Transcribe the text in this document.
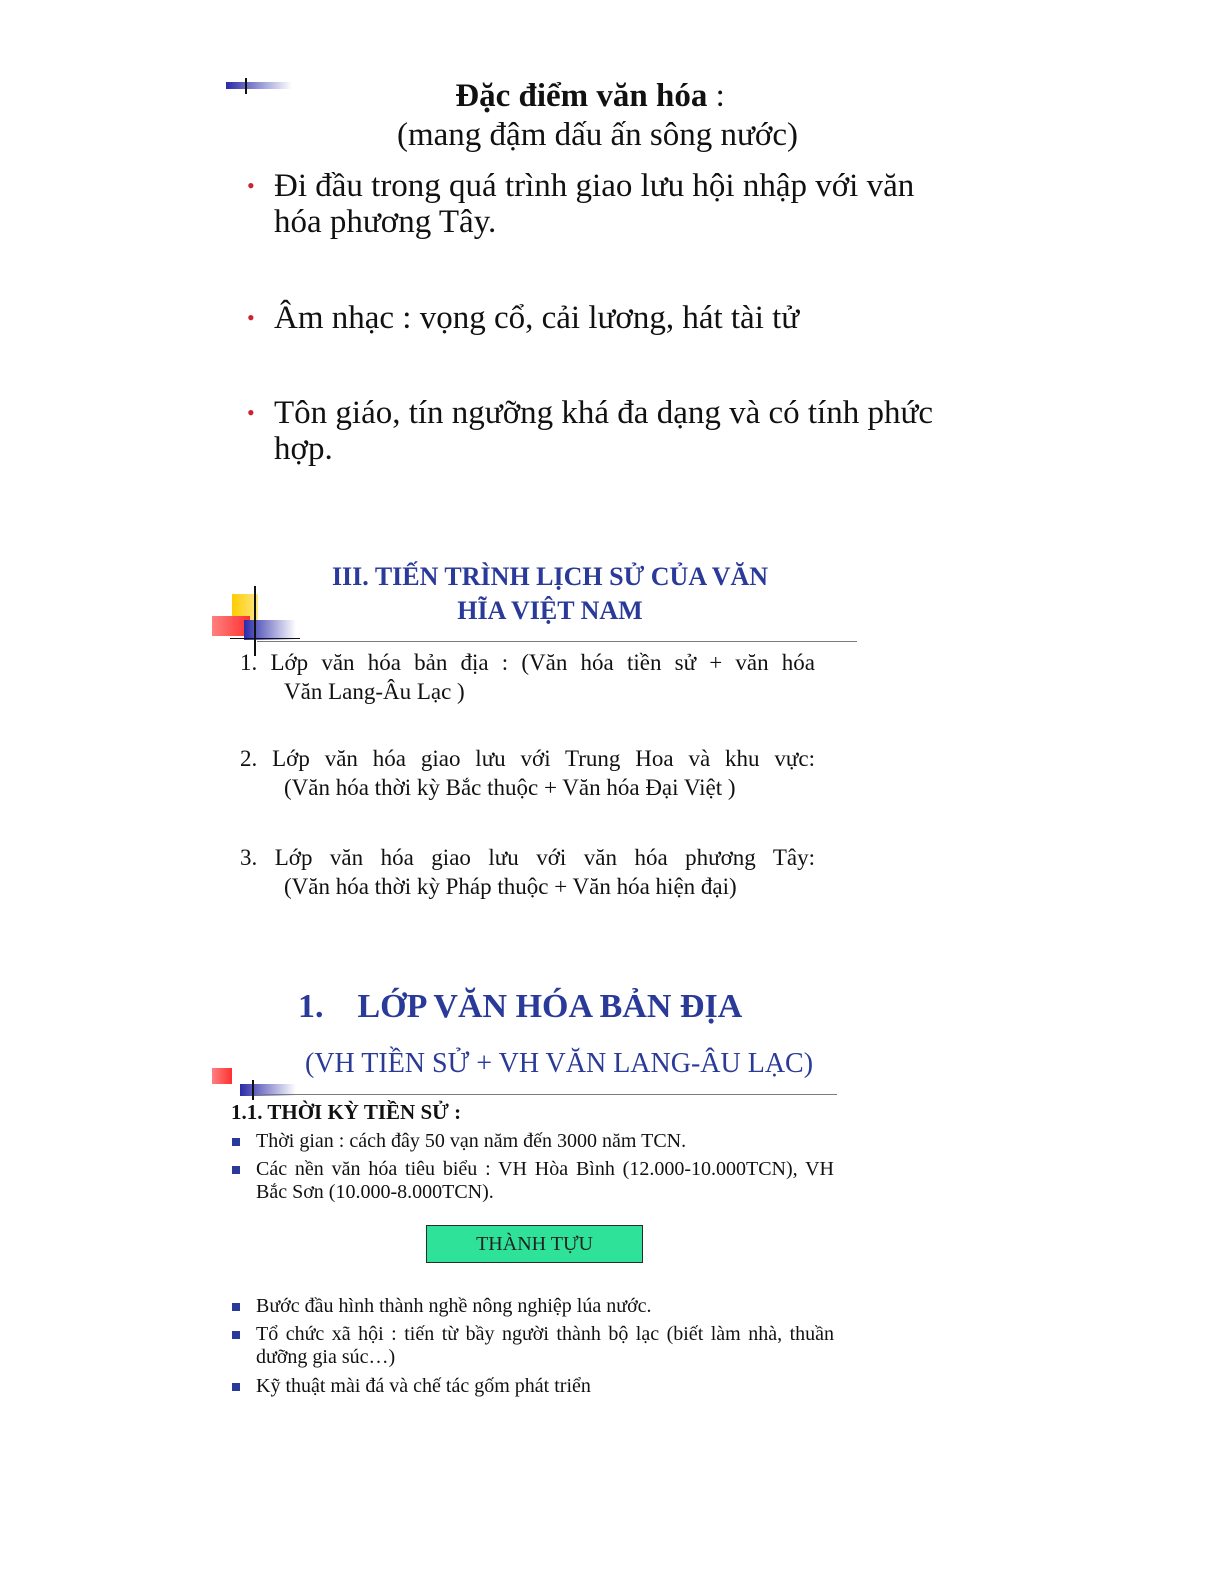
Đặc điểm văn hóa :
(mang đậm dấu ấn sông nước)
• Đi đầu trong quá trình giao lưu hội nhập với văn hóa phương Tây.
• Âm nhạc : vọng cổ, cải lương, hát tài tử
• Tôn giáo, tín ngưỡng khá đa dạng và có tính phức hợp.
III. TIẾN TRÌNH LỊCH SỬ CỦA VĂN
HĨA VIỆT NAM
1. Lớp văn hóa bản địa : (Văn hóa tiền sử + văn hóa
Văn Lang-Âu Lạc )
2. Lớp văn hóa giao lưu với Trung Hoa và khu vực:
(Văn hóa thời kỳ Bắc thuộc + Văn hóa Đại Việt )
3. Lớp văn hóa giao lưu với văn hóa phương Tây:
(Văn hóa thời kỳ Pháp thuộc + Văn hóa hiện đại)
1.    LỚP VĂN HÓA BẢN ĐỊA
(VH TIỀN SỬ + VH VĂN LANG-ÂU LẠC)
1.1. THỜI KỲ TIỀN SỬ :
Thời gian : cách đây 50 vạn năm đến 3000 năm TCN.
Các nền văn hóa tiêu biểu : VH Hòa Bình (12.000-10.000TCN), VH Bắc Sơn (10.000-8.000TCN).
THÀNH TỰU
Bước đầu hình thành nghề nông nghiệp lúa nước.
Tổ chức xã hội : tiến từ bầy người thành bộ lạc (biết làm nhà, thuần dưỡng gia súc…)
Kỹ thuật mài đá và chế tác gốm phát triển
